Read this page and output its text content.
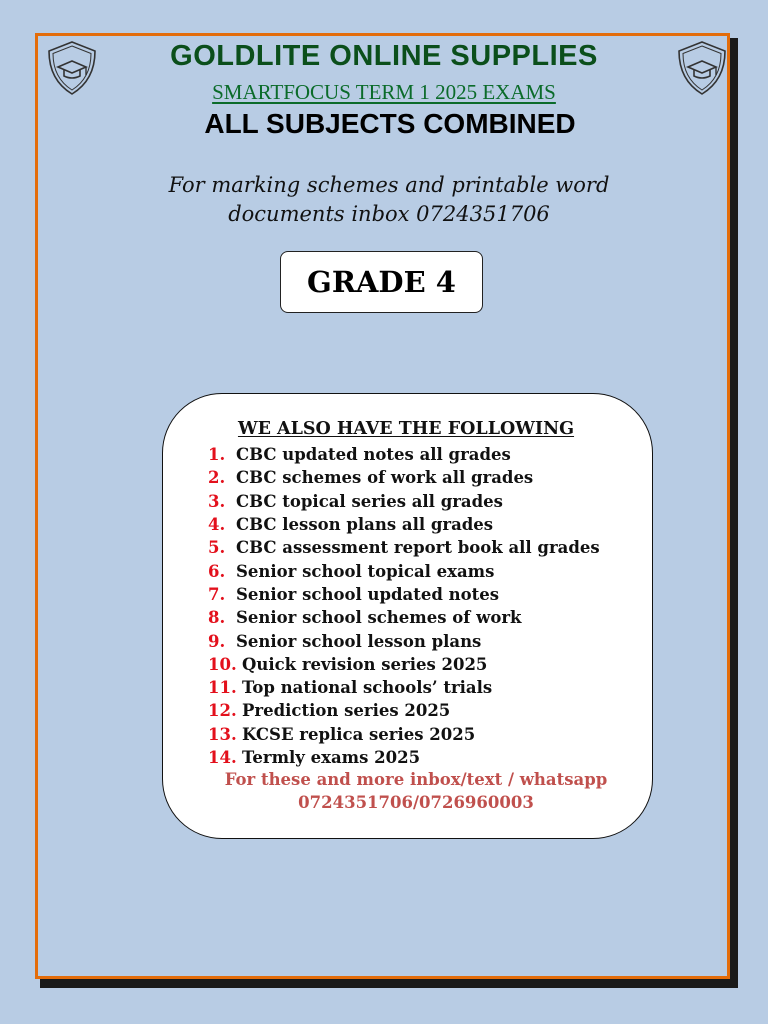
GOLDLITE ONLINE SUPPLIES
SMARTFOCUS TERM 1 2025 EXAMS
ALL SUBJECTS COMBINED
For marking schemes and printable word
documents inbox 0724351706
GRADE 4
WE ALSO HAVE THE FOLLOWING
1. CBC updated notes all grades
2. CBC schemes of work all grades
3. CBC topical series all grades
4. CBC lesson plans all grades
5. CBC assessment report book all grades
6. Senior school topical exams
7. Senior school updated notes
8. Senior school schemes of work
9. Senior school lesson plans
10. Quick revision series 2025
11. Top national schools’ trials
12. Prediction series 2025
13. KCSE replica series 2025
14. Termly exams 2025
For these and more inbox/text / whatsapp
0724351706/0726960003
